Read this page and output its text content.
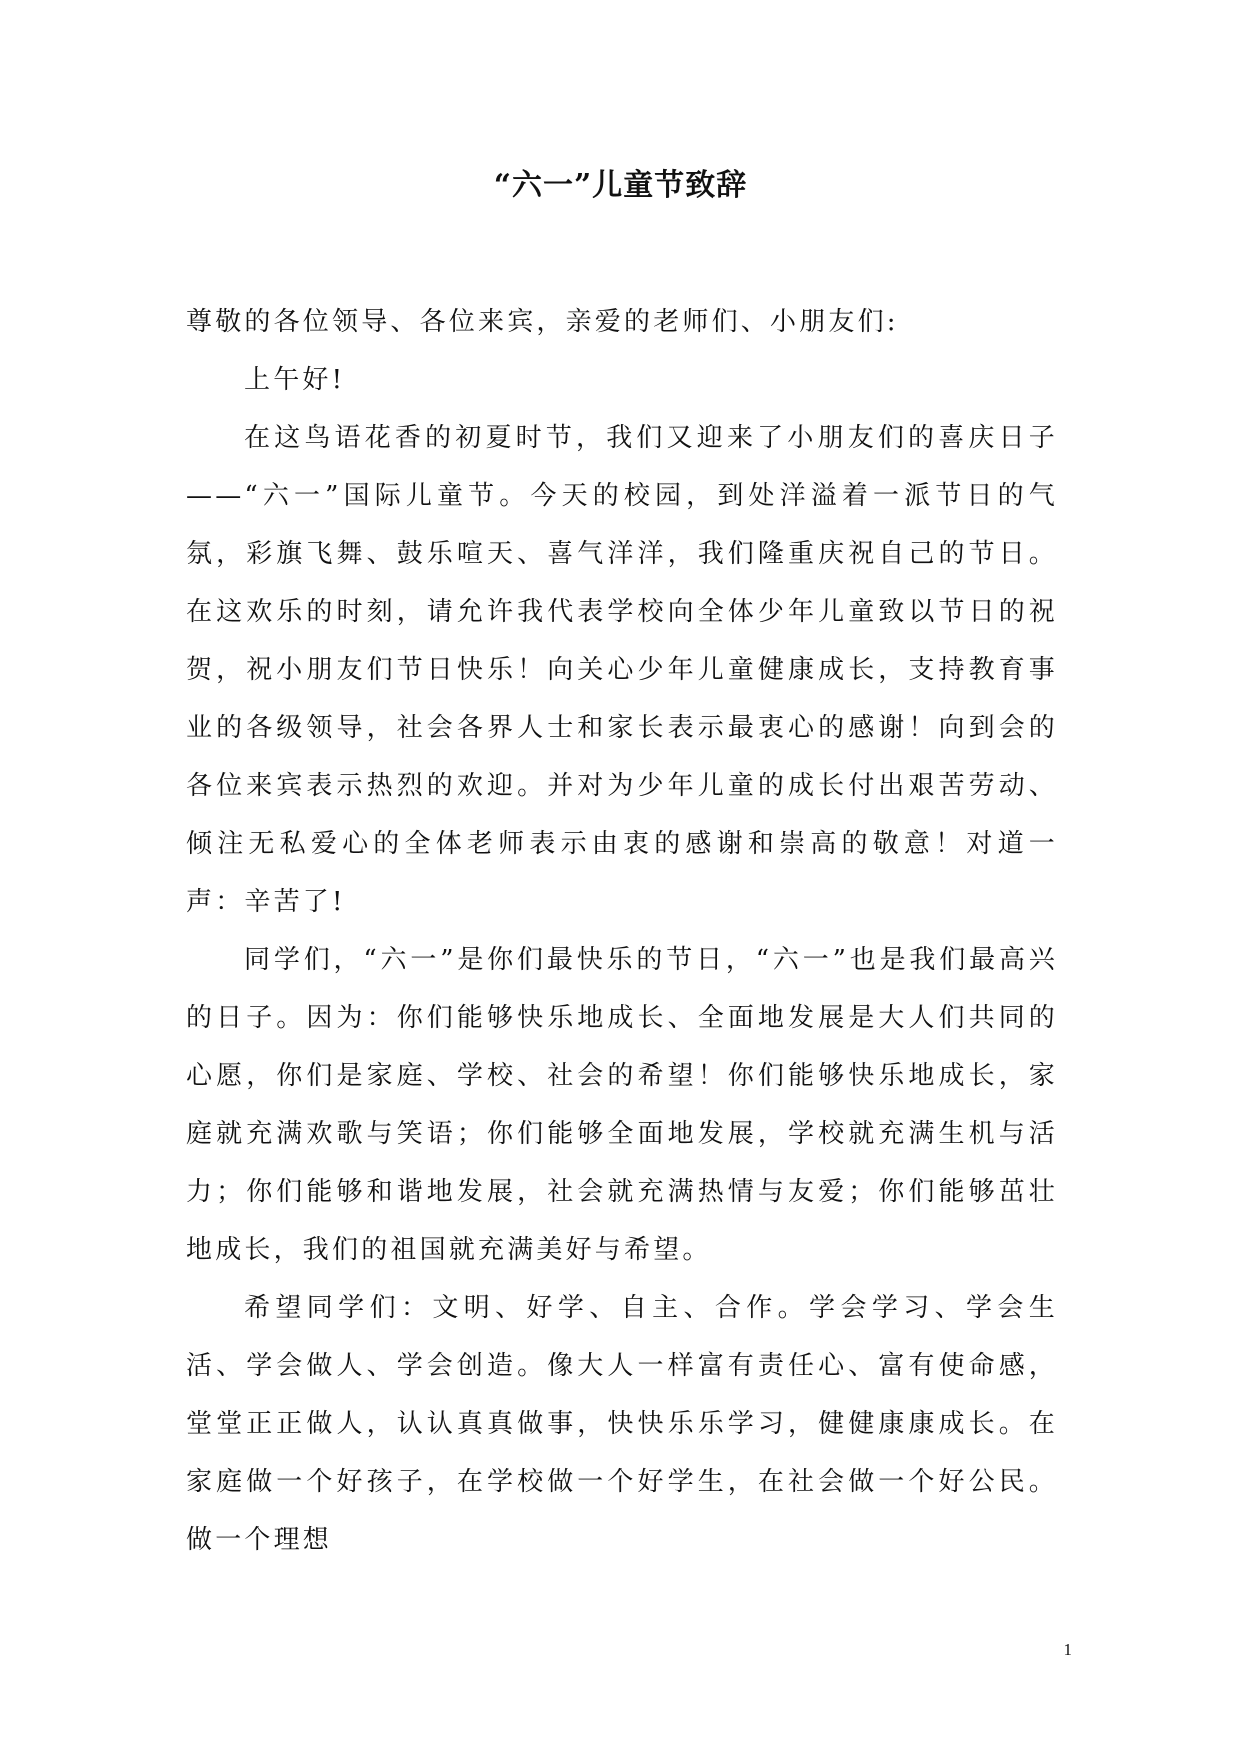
“六一”儿童节致辞

尊敬的各位领导、各位来宾，亲爱的老师们、小朋友们:

上午好!

在这鸟语花香的初夏时节，我们又迎来了小朋友们的喜庆日子——“六一”国际儿童节。今天的校园，到处洋溢着一派节日的气氛，彩旗飞舞、鼓乐喧天、喜气洋洋，我们隆重庆祝自己的节日。在这欢乐的时刻，请允许我代表学校向全体少年儿童致以节日的祝贺，祝小朋友们节日快乐！向关心少年儿童健康成长，支持教育事业的各级领导，社会各界人士和家长表示最衷心的感谢！向到会的各位来宾表示热烈的欢迎。并对为少年儿童的成长付出艰苦劳动、倾注无私爱心的全体老师表示由衷的感谢和崇高的敬意！对道一声：辛苦了!

同学们，“六一”是你们最快乐的节日，“六一”也是我们最高兴的日子。因为：你们能够快乐地成长、全面地发展是大人们共同的心愿，你们是家庭、学校、社会的希望！你们能够快乐地成长，家庭就充满欢歌与笑语；你们能够全面地发展，学校就充满生机与活力；你们能够和谐地发展，社会就充满热情与友爱；你们能够茁壮地成长，我们的祖国就充满美好与希望。

希望同学们：文明、好学、自主、合作。学会学习、学会生活、学会做人、学会创造。像大人一样富有责任心、富有使命感，堂堂正正做人，认认真真做事，快快乐乐学习，健健康康成长。在家庭做一个好孩子，在学校做一个好学生，在社会做一个好公民。做一个理想

1
